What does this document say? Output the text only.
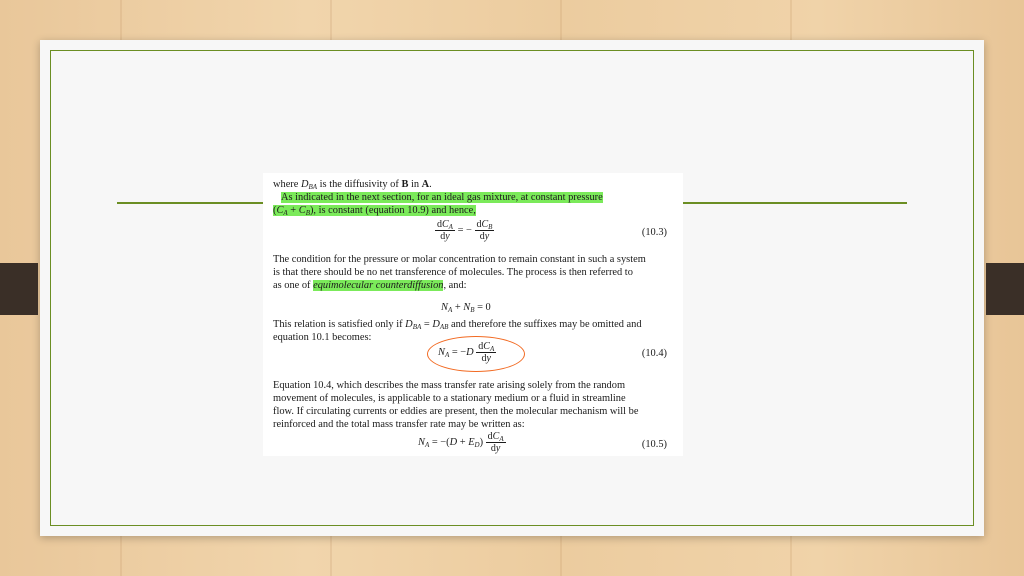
where $D_{BA}$ is the diffusivity of B in A.
As indicated in the next section, for an ideal gas mixture, at constant pressure
$(C_A + C_B)$, is constant (equation 10.9) and hence,
$\frac{dC_A}{dy}$ = − $\frac{dC_B}{dy}$	(10.3)
The condition for the pressure or molar concentration to remain constant in such a system
is that there should be no net transference of molecules. The process is then referred to
as one of equimolecular counterdiffusion, and:
$N_A + N_B = 0$
This relation is satisfied only if $D_{BA} = D_{AB}$ and therefore the suffixes may be omitted and
equation 10.1 becomes:
$N_A = -D \frac{dC_A}{dy}$	(10.4)
Equation 10.4, which describes the mass transfer rate arising solely from the random
movement of molecules, is applicable to a stationary medium or a fluid in streamline
flow. If circulating currents or eddies are present, then the molecular mechanism will be
reinforced and the total mass transfer rate may be written as:
$N_A = -(D + E_D) \frac{dC_A}{dy}$	(10.5)
